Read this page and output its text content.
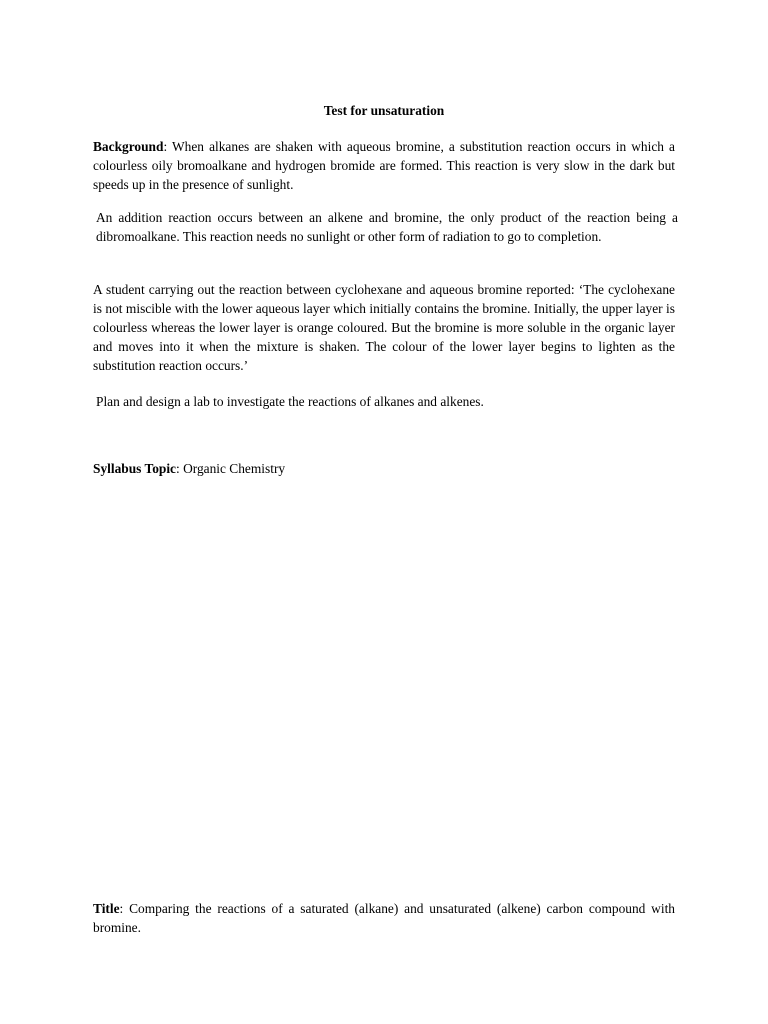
Test for unsaturation

Background: When alkanes are shaken with aqueous bromine, a substitution reaction occurs in which a colourless oily bromoalkane and hydrogen bromide are formed. This reaction is very slow in the dark but speeds up in the presence of sunlight.

An addition reaction occurs between an alkene and bromine, the only product of the reaction being a dibromoalkane. This reaction needs no sunlight or other form of radiation to go to completion.

A student carrying out the reaction between cyclohexane and aqueous bromine reported: ‘The cyclohexane is not miscible with the lower aqueous layer which initially contains the bromine. Initially, the upper layer is colourless whereas the lower layer is orange coloured. But the bromine is more soluble in the organic layer and moves into it when the mixture is shaken. The colour of the lower layer begins to lighten as the substitution reaction occurs.’

Plan and design a lab to investigate the reactions of alkanes and alkenes.

Syllabus Topic: Organic Chemistry

Title: Comparing the reactions of a saturated (alkane) and unsaturated (alkene) carbon compound with bromine.
